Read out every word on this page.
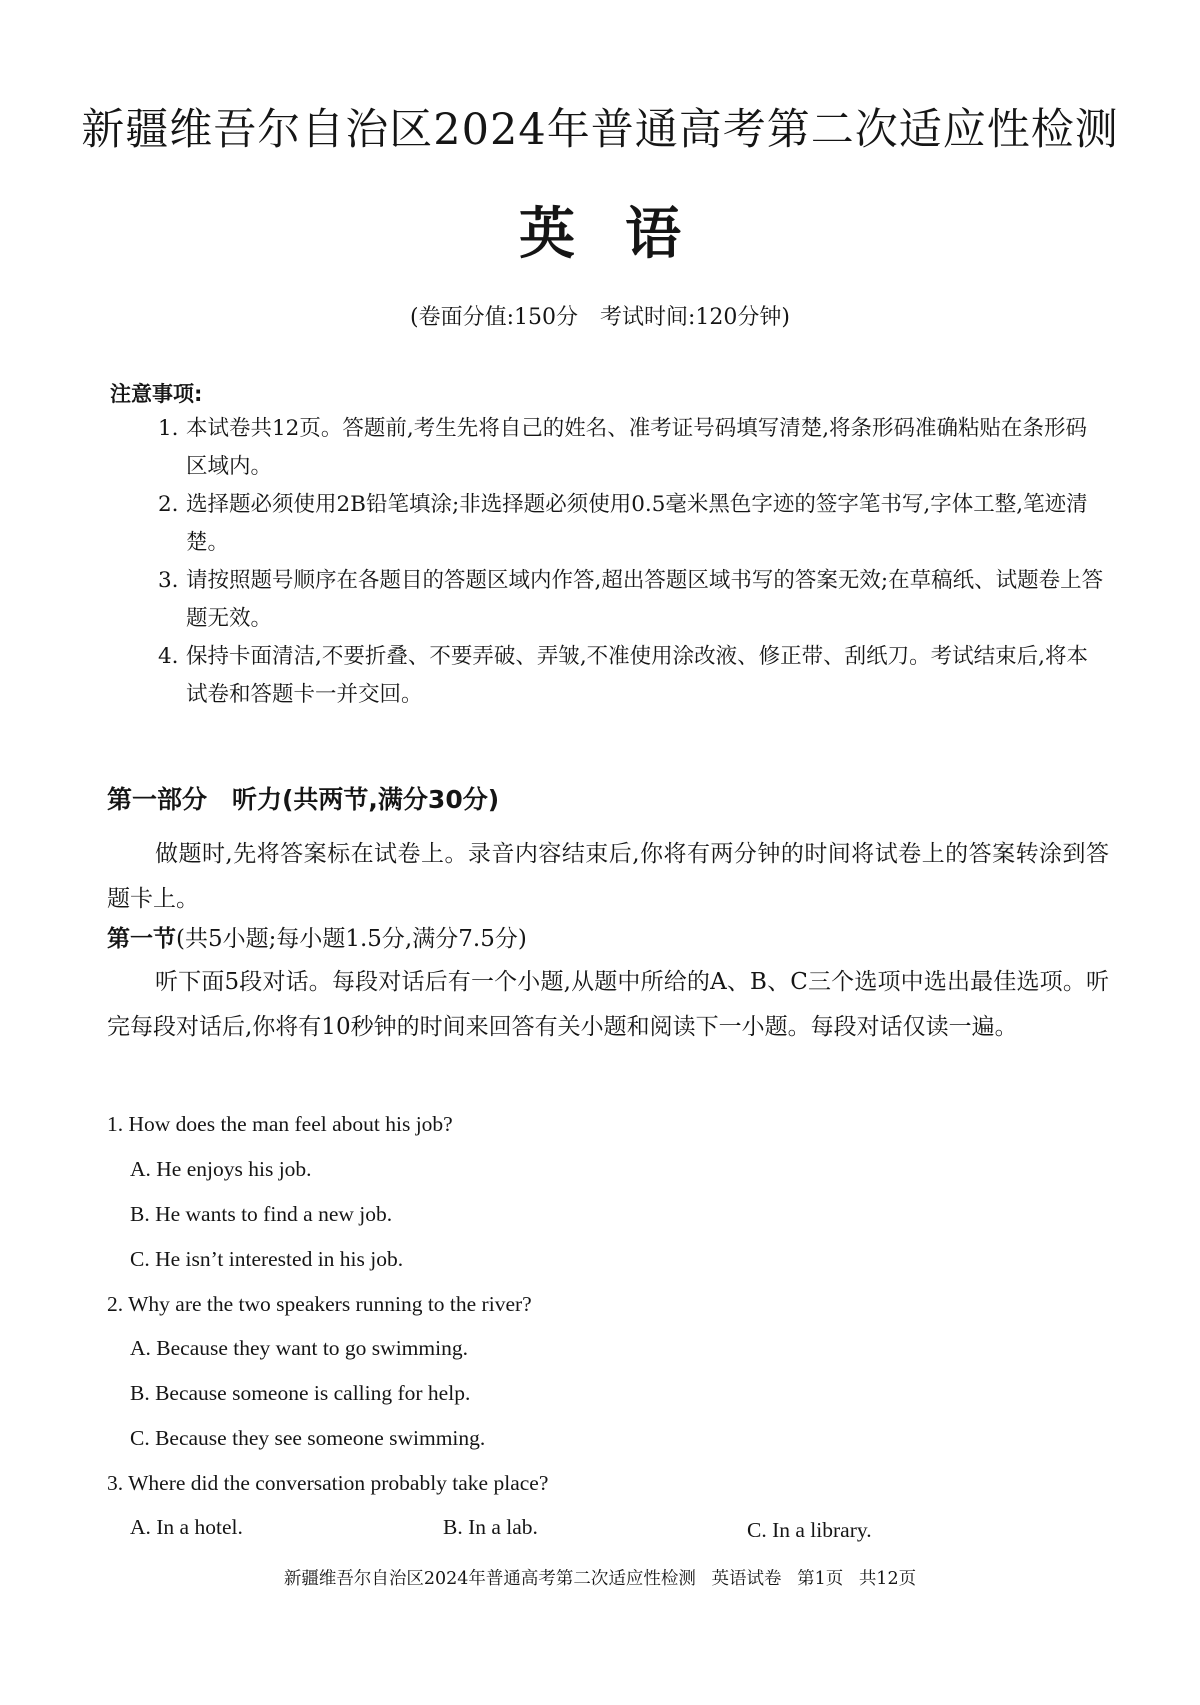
新疆维吾尔自治区2024年普通高考第二次适应性检测
英语
(卷面分值:150分　考试时间:120分钟)
注意事项:
1. 本试卷共12页。答题前,考生先将自己的姓名、准考证号码填写清楚,将条形码准确粘贴在条形码区域内。
2. 选择题必须使用2B铅笔填涂;非选择题必须使用0.5毫米黑色字迹的签字笔书写,字体工整,笔迹清楚。
3. 请按照题号顺序在各题目的答题区域内作答,超出答题区域书写的答案无效;在草稿纸、试题卷上答题无效。
4. 保持卡面清洁,不要折叠、不要弄破、弄皱,不准使用涂改液、修正带、刮纸刀。考试结束后,将本试卷和答题卡一并交回。
第一部分　听力(共两节,满分30分)
做题时,先将答案标在试卷上。录音内容结束后,你将有两分钟的时间将试卷上的答案转涂到答题卡上。
第一节(共5小题;每小题1.5分,满分7.5分)
听下面5段对话。每段对话后有一个小题,从题中所给的A、B、C三个选项中选出最佳选项。听完每段对话后,你将有10秒钟的时间来回答有关小题和阅读下一小题。每段对话仅读一遍。
1. How does the man feel about his job?
A. He enjoys his job.
B. He wants to find a new job.
C. He isn’t interested in his job.
2. Why are the two speakers running to the river?
A. Because they want to go swimming.
B. Because someone is calling for help.
C. Because they see someone swimming.
3. Where did the conversation probably take place?
A. In a hotel.	B. In a lab.	C. In a library.
新疆维吾尔自治区2024年普通高考第二次适应性检测 英语试卷 第1页 共12页
